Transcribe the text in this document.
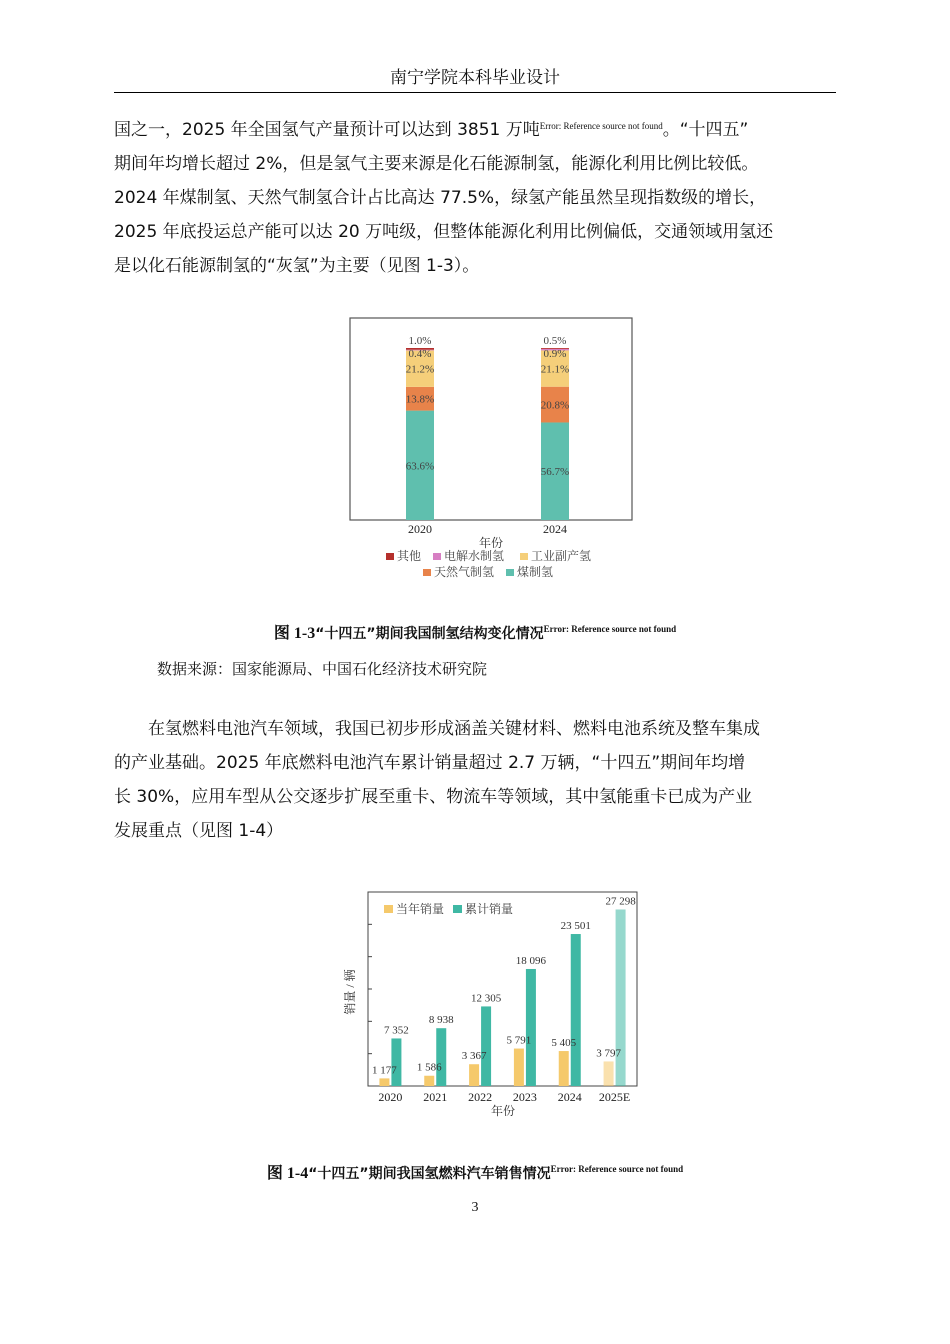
南宁学院本科毕业设计
国之一，2025 年全国氢气产量预计可以达到 3851 万吨$^{Error: Reference source not found}$。“十四五”
期间年均增长超过 2%，但是氢气主要来源是化石能源制氢，能源化利用比例比较低。
2024 年煤制氢、天然气制氢合计占比高达 77.5%，绿氢产能虽然呈现指数级的增长，
2025 年底投运总产能可以达 20 万吨级，但整体能源化利用比例偏低，交通领域用氢还
是以化石能源制氢的“灰氢”为主要（见图 1-3）。
63.6%
13.8%
21.2%
0.4%
1.0%
56.7%
20.8%
21.1%
0.9%
0.5%
2020	2024
年份
其他 电解水制氢 工业副产氢
天然气制氢 煤制氢
图 1-3“十四五”期间我国制氢结构变化情况$^{Error: Reference source not found}$
数据来源：国家能源局、中国石化经济技术研究院
在氢燃料电池汽车领域，我国已初步形成涵盖关键材料、燃料电池系统及整车集成
的产业基础。2025 年底燃料电池汽车累计销量超过 2.7 万辆，“十四五”期间年均增
长 30%，应用车型从公交逐步扩展至重卡、物流车等领域，其中氢能重卡已成为产业
发展重点（见图 1-4）
销量 / 辆
1 177
7 352
1 586
8 938
3 367
12 305
5 791
18 096
5 405
23 501
3 797
27 298
2020 2021 2022 2023 2024 2025E
年份
当年销量 累计销量
图 1-4“十四五”期间我国氢燃料汽车销售情况$^{Error: Reference source not found}$
3
